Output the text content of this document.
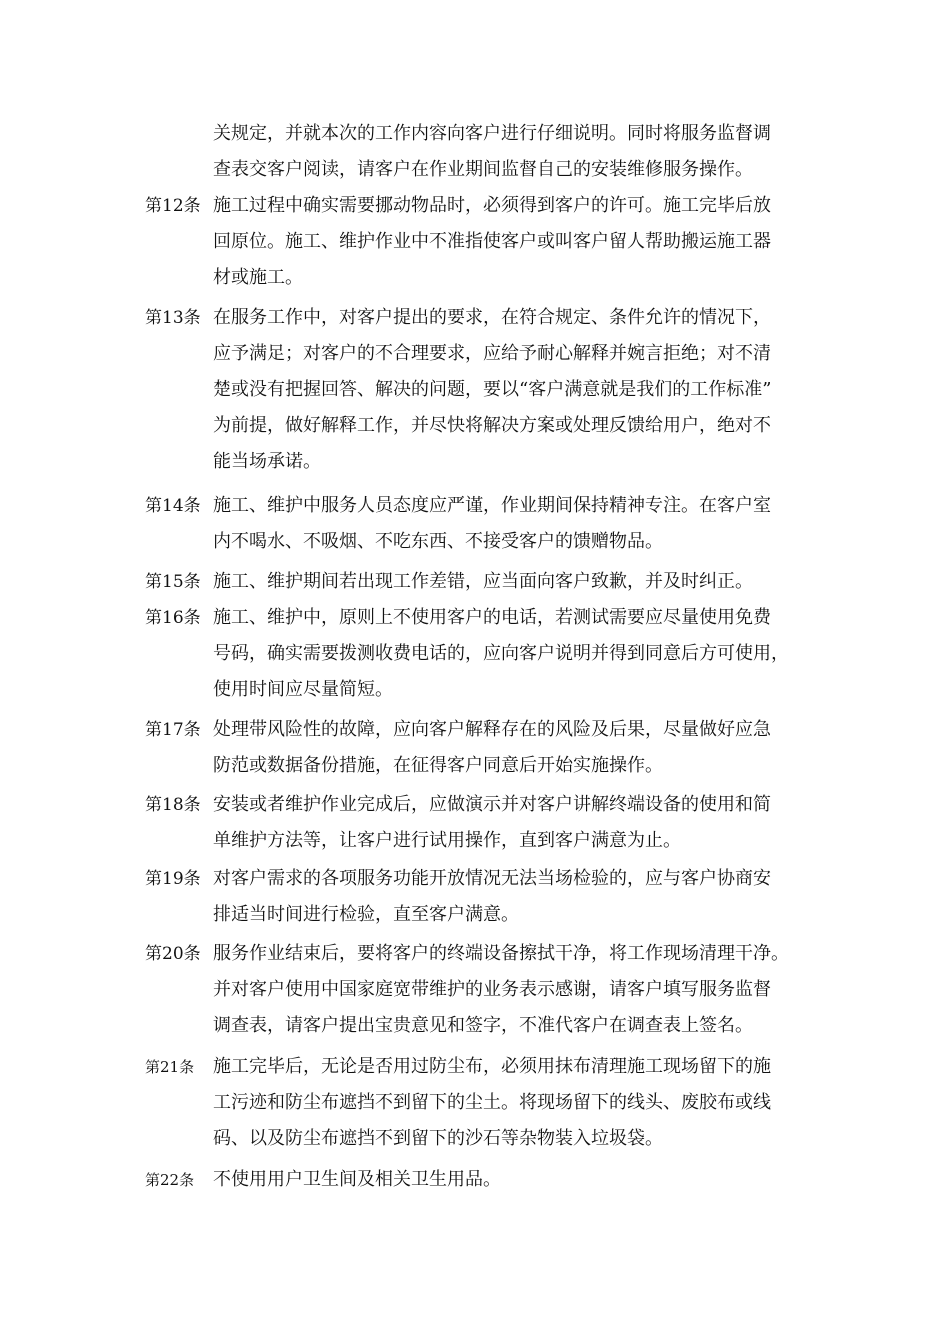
关规定，并就本次的工作内容向客户进行仔细说明。同时将服务监督调
查表交客户阅读，请客户在作业期间监督自己的安装维修服务操作。
第12条 施工过程中确实需要挪动物品时，必须得到客户的许可。施工完毕后放
回原位。施工、维护作业中不准指使客户或叫客户留人帮助搬运施工器
材或施工。
第13条 在服务工作中，对客户提出的要求，在符合规定、条件允许的情况下，
应予满足；对客户的不合理要求，应给予耐心解释并婉言拒绝；对不清
楚或没有把握回答、解决的问题，要以“客户满意就是我们的工作标准”
为前提，做好解释工作，并尽快将解决方案或处理反馈给用户，绝对不
能当场承诺。
第14条 施工、维护中服务人员态度应严谨，作业期间保持精神专注。在客户室
内不喝水、不吸烟、不吃东西、不接受客户的馈赠物品。
第15条 施工、维护期间若出现工作差错，应当面向客户致歉，并及时纠正。
第16条 施工、维护中，原则上不使用客户的电话，若测试需要应尽量使用免费
号码，确实需要拨测收费电话的，应向客户说明并得到同意后方可使用，
使用时间应尽量简短。
第17条 处理带风险性的故障，应向客户解释存在的风险及后果，尽量做好应急
防范或数据备份措施，在征得客户同意后开始实施操作。
第18条 安装或者维护作业完成后，应做演示并对客户讲解终端设备的使用和简
单维护方法等，让客户进行试用操作，直到客户满意为止。
第19条 对客户需求的各项服务功能开放情况无法当场检验的，应与客户协商安
排适当时间进行检验，直至客户满意。
第20条 服务作业结束后，要将客户的终端设备擦拭干净，将工作现场清理干净。
并对客户使用中国家庭宽带维护的业务表示感谢，请客户填写服务监督
调查表，请客户提出宝贵意见和签字，不准代客户在调查表上签名。
第21条 施工完毕后，无论是否用过防尘布，必须用抹布清理施工现场留下的施
工污迹和防尘布遮挡不到留下的尘土。将现场留下的线头、废胶布或线
码、以及防尘布遮挡不到留下的沙石等杂物装入垃圾袋。
第22条 不使用用户卫生间及相关卫生用品。
